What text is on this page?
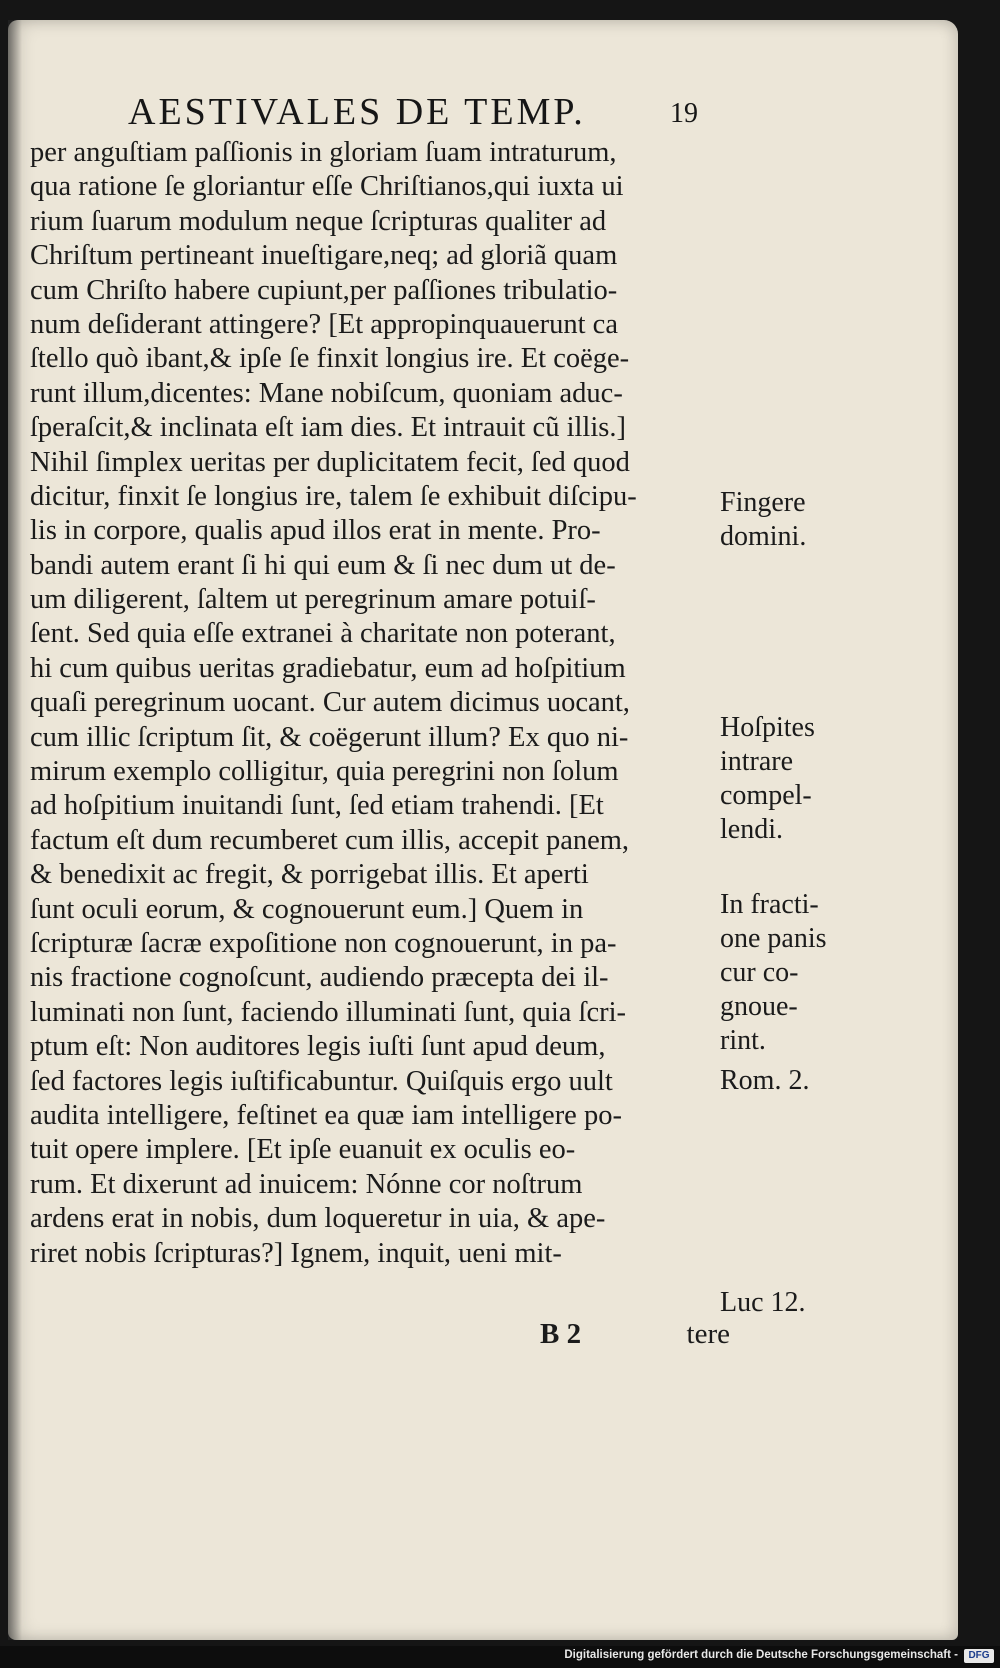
AESTIVALES DE TEMP.	19
per anguſtiam paſſionis in gloriam ſuam intraturum,
qua ratione ſe gloriantur eſſe Chriſtianos,qui iuxta ui
rium ſuarum modulum neque ſcripturas qualiter ad
Chriſtum pertineant inueſtigare,neq; ad gloriã quam
cum Chriſto habere cupiunt,per paſſiones tribulatio-
num deſiderant attingere? [Et appropinquauerunt ca
ſtello quò ibant,& ipſe ſe finxit longius ire. Et coëge-
runt illum,dicentes: Mane nobiſcum, quoniam aduc-
ſperaſcit,& inclinata eſt iam dies. Et intrauit cũ illis.]
Nihil ſimplex ueritas per duplicitatem fecit, ſed quod
dicitur, finxit ſe longius ire, talem ſe exhibuit diſcipu-
lis in corpore, qualis apud illos erat in mente. Pro-
bandi autem erant ſi hi qui eum & ſi nec dum ut de-
um diligerent, ſaltem ut peregrinum amare potuiſ-
ſent. Sed quia eſſe extranei à charitate non poterant,
hi cum quibus ueritas gradiebatur, eum ad hoſpitium
quaſi peregrinum uocant. Cur autem dicimus uocant,
cum illic ſcriptum ſit, & coëgerunt illum? Ex quo ni-
mirum exemplo colligitur, quia peregrini non ſolum
ad hoſpitium inuitandi ſunt, ſed etiam trahendi. [Et
factum eſt dum recumberet cum illis, accepit panem,
& benedixit ac fregit, & porrigebat illis. Et aperti
ſunt oculi eorum, & cognouerunt eum.] Quem in
ſcripturæ ſacræ expoſitione non cognouerunt, in pa-
nis fractione cognoſcunt, audiendo præcepta dei il-
luminati non ſunt, faciendo illuminati ſunt, quia ſcri-
ptum eſt: Non auditores legis iuſti ſunt apud deum,
ſed factores legis iuſtificabuntur. Quiſquis ergo uult
audita intelligere, feſtinet ea quæ iam intelligere po-
tuit opere implere. [Et ipſe euanuit ex oculis eo-
rum. Et dixerunt ad inuicem: Nónne cor noſtrum
ardens erat in nobis, dum loqueretur in uia, & ape-
riret nobis ſcripturas?] Ignem, inquit, ueni mit-
B 2	tere
Fingere
domini.
Hoſpites
intrare
compel-
lendi.
In fracti-
one panis
cur co-
gnoue-
rint.
Rom. 2.
Luc 12.
Digitalisierung gefördert durch die Deutsche Forschungsgemeinschaft -	DFG
